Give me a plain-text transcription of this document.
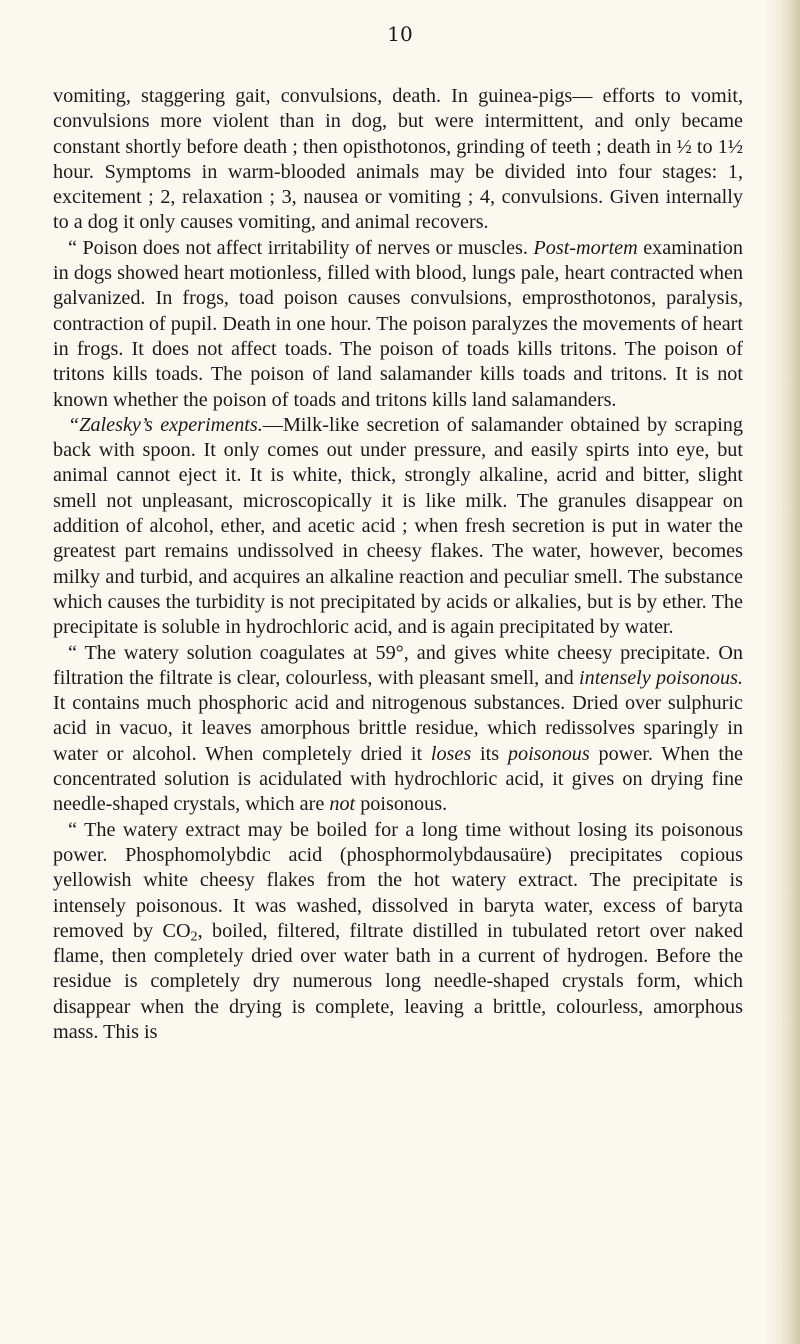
10

vomiting, staggering gait, convulsions, death. In guinea-pigs— efforts to vomit, convulsions more violent than in dog, but were intermittent, and only became constant shortly before death ; then opisthotonos, grinding of teeth ; death in ½ to 1½ hour. Symptoms in warm-blooded animals may be divided into four stages: 1, excitement ; 2, relaxation ; 3, nausea or vomiting ; 4, convulsions. Given internally to a dog it only causes vomiting, and animal recovers.

“ Poison does not affect irritability of nerves or muscles. Post-mortem examination in dogs showed heart motionless, filled with blood, lungs pale, heart contracted when galvanized. In frogs, toad poison causes convulsions, emprosthotonos, paralysis, contraction of pupil. Death in one hour. The poison paralyzes the movements of heart in frogs. It does not affect toads. The poison of toads kills tritons. The poison of tritons kills toads. The poison of land salamander kills toads and tritons. It is not known whether the poison of toads and tritons kills land salamanders.

“Zalesky’s experiments.—Milk-like secretion of salamander obtained by scraping back with spoon. It only comes out under pressure, and easily spirts into eye, but animal cannot eject it. It is white, thick, strongly alkaline, acrid and bitter, slight smell not unpleasant, microscopically it is like milk. The granules disappear on addition of alcohol, ether, and acetic acid ; when fresh secretion is put in water the greatest part remains undissolved in cheesy flakes. The water, however, becomes milky and turbid, and acquires an alkaline reaction and peculiar smell. The substance which causes the turbidity is not precipitated by acids or alkalies, but is by ether. The precipitate is soluble in hydrochloric acid, and is again precipitated by water.

“ The watery solution coagulates at 59°, and gives white cheesy precipitate. On filtration the filtrate is clear, colourless, with pleasant smell, and intensely poisonous. It contains much phosphoric acid and nitrogenous substances. Dried over sulphuric acid in vacuo, it leaves amorphous brittle residue, which redissolves sparingly in water or alcohol. When completely dried it loses its poisonous power. When the concentrated solution is acidulated with hydrochloric acid, it gives on drying fine needle-shaped crystals, which are not poisonous.

“ The watery extract may be boiled for a long time without losing its poisonous power. Phosphomolybdic acid (phosphormolybdausaüre) precipitates copious yellowish white cheesy flakes from the hot watery extract. The precipitate is intensely poisonous. It was washed, dissolved in baryta water, excess of baryta removed by $CO_2$, boiled, filtered, filtrate distilled in tubulated retort over naked flame, then completely dried over water bath in a current of hydrogen. Before the residue is completely dry numerous long needle-shaped crystals form, which disappear when the drying is complete, leaving a brittle, colourless, amorphous mass. This is
